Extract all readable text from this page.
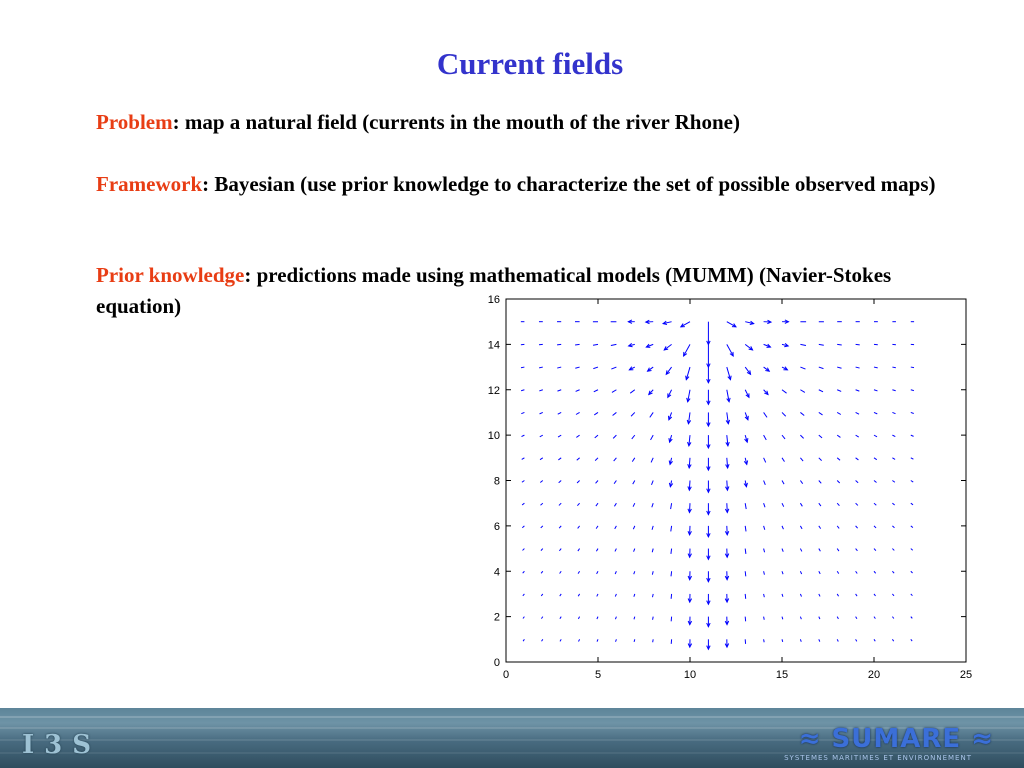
Current fields
Problem: map a natural field (currents in the mouth of the river Rhone)
Framework: Bayesian (use prior knowledge to characterize the set of possible observed maps)
Prior knowledge: predictions made using mathematical models (MUMM) (Navier-Stokes equation)
0	5	10	15	20	25
0
2
4
6
8
10
12
14
16
I3S	≈ SUMARE ≈
SYSTEMES MARITIMES ET ENVIRONNEMENT
